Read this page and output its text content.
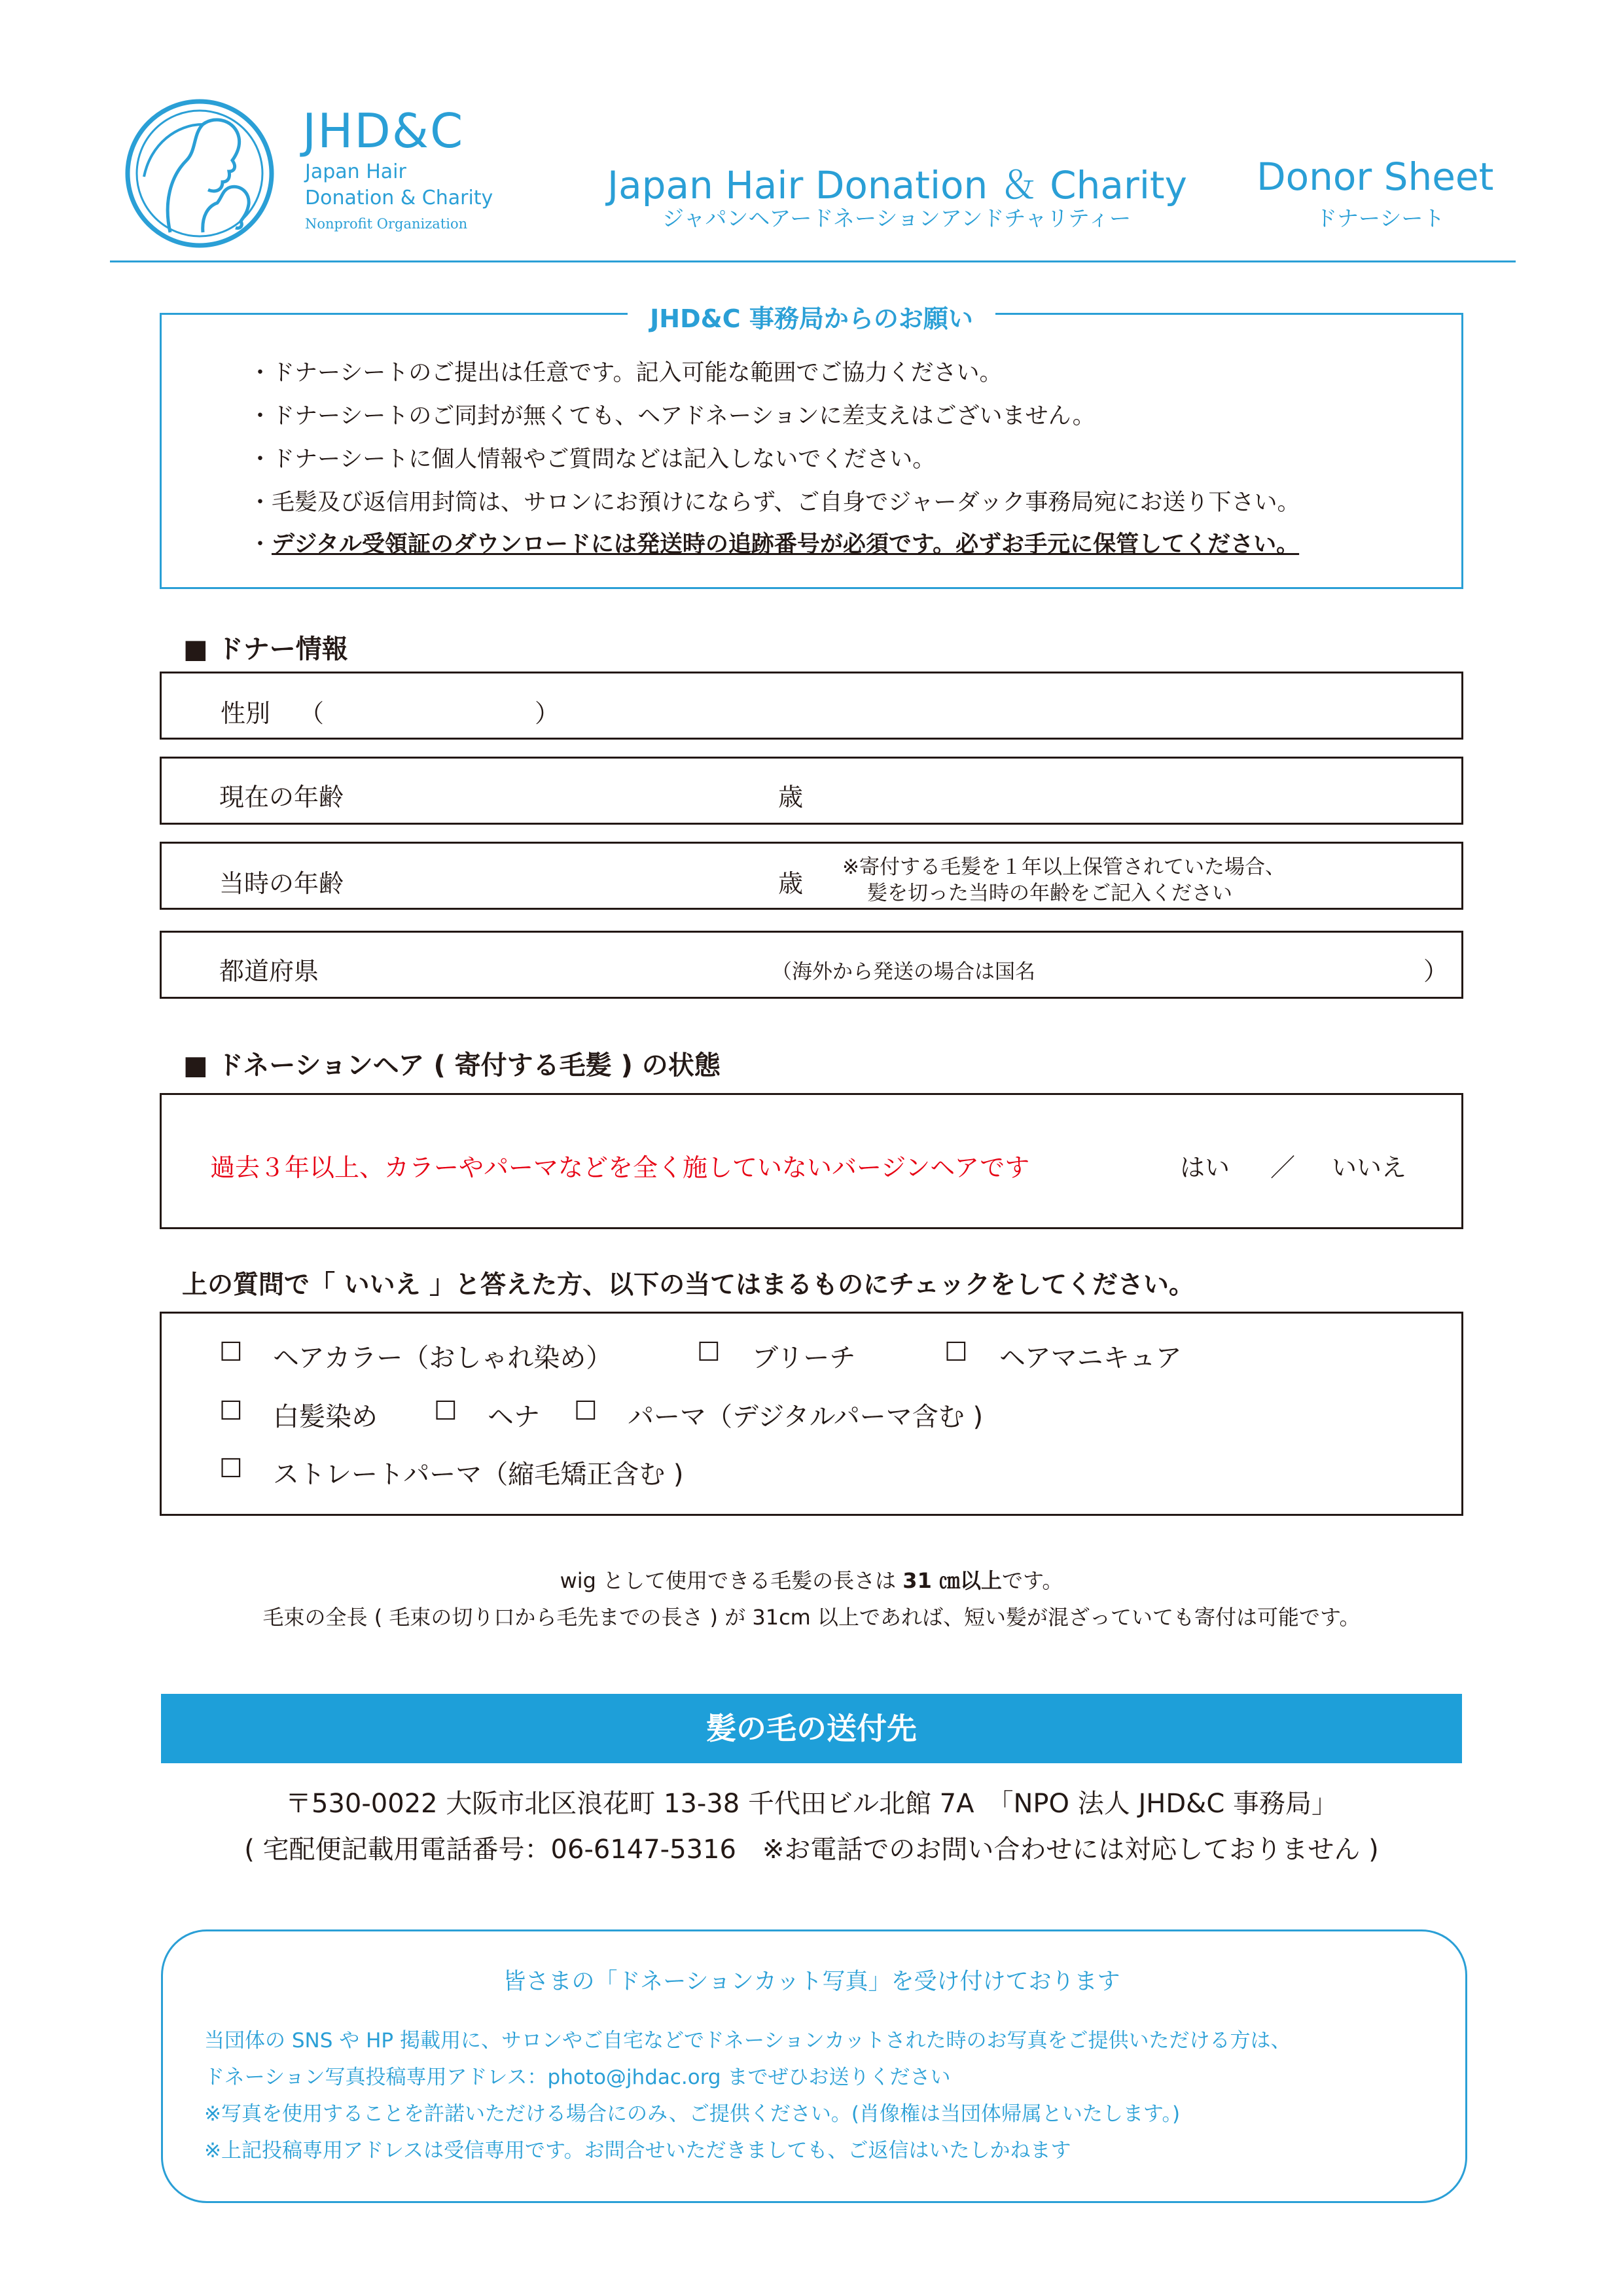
JHD&C
Japan Hair
Donation & Charity
Nonprofit Organization
Japan Hair Donation ＆ Charity
ジャパンヘアードネーションアンドチャリティー
Donor Sheet
ドナーシート
JHD&C 事務局からのお願い
・ドナーシートのご提出は任意です。記入可能な範囲でご協力ください。
・ドナーシートのご同封が無くても、ヘアドネーションに差支えはございません。
・ドナーシートに個人情報やご質問などは記入しないでください。
・毛髪及び返信用封筒は、サロンにお預けにならず、ご自身でジャーダック事務局宛にお送り下さい。
・デジタル受領証のダウンロードには発送時の追跡番号が必須です。必ずお手元に保管してください。
■ ドナー情報
性別 （	）
現在の年齢	歳
当時の年齢	歳
※寄付する毛髪を１年以上保管されていた場合、
髪を切った当時の年齢をご記入ください
都道府県	（海外から発送の場合は国名	）
■ ドネーションヘア ( 寄付する毛髪 ) の状態
過去３年以上、カラーやパーマなどを全く施していないバージンヘアです	はい ／ いいえ
上の質問で「 いいえ 」と答えた方、以下の当てはまるものにチェックをしてください。
☐ ヘアカラー（おしゃれ染め）	☐ ブリーチ	☐ ヘアマニキュア
☐ 白髪染め ☐ ヘナ ☐ パーマ（デジタルパーマ含む )
☐ ストレートパーマ（縮毛矯正含む )
wig として使用できる毛髪の長さは 31 ㎝以上です。
毛束の全長 ( 毛束の切り口から毛先までの長さ ) が 31cm 以上であれば、短い髪が混ざっていても寄付は可能です。
髪の毛の送付先
〒530-0022 大阪市北区浪花町 13-38 千代田ビル北館 7A　「NPO 法人 JHD&C 事務局」
( 宅配便記載用電話番号：06-6147-5316　※お電話でのお問い合わせには対応しておりません )
皆さまの「ドネーションカット写真」を受け付けております
当団体の SNS や HP 掲載用に、サロンやご自宅などでドネーションカットされた時のお写真をご提供いただける方は、
ドネーション写真投稿専用アドレス：photo@jhdac.org までぜひお送りください
※写真を使用することを許諾いただける場合にのみ、ご提供ください。(肖像権は当団体帰属といたします。)
※上記投稿専用アドレスは受信専用です。お問合せいただきましても、ご返信はいたしかねます
